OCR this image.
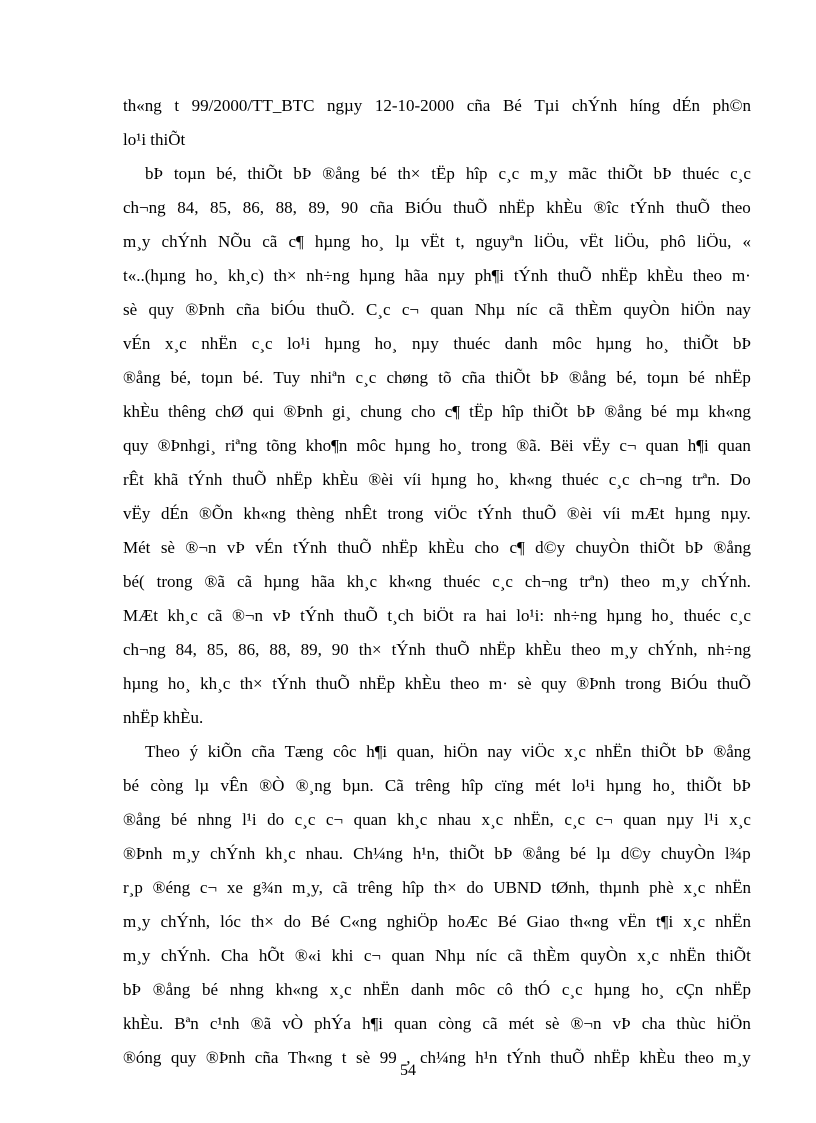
th«ng t 99/2000/TT_BTC ngµy 12-10-2000 cña Bé Tµi chÝnh híng dÉn ph©n
lo¹i thiÕt
bÞ toµn bé, thiÕt bÞ ®ång bé th× tËp hîp c¸c m¸y mãc thiÕt bÞ thuéc c¸c
ch¬ng 84, 85, 86, 88, 89, 90 cña BiÓu thuÕ nhËp khÈu ®îc tÝnh thuÕ theo
m¸y chÝnh NÕu cã c¶ hµng ho¸ lµ vËt t, nguyªn liÖu, vËt liÖu, phô liÖu, «
t«..(hµng ho¸ kh¸c) th× nh÷ng hµng hãa nµy ph¶i tÝnh thuÕ nhËp khÈu theo m·
sè quy ®Þnh cña biÓu thuÕ. C¸c c¬ quan Nhµ níc cã thÈm quyÒn hiÖn nay
vÉn x¸c nhËn c¸c lo¹i hµng ho¸ nµy thuéc danh môc hµng ho¸ thiÕt bÞ
®ång bé, toµn bé. Tuy nhiªn c¸c chøng tõ cña thiÕt bÞ ®ång bé, toµn bé nhËp
khÈu thêng chØ qui ®Þnh gi¸ chung cho c¶ tËp hîp thiÕt bÞ ®ång bé mµ kh«ng
quy ®Þnhgi¸ riªng tõng kho¶n môc hµng ho¸ trong ®ã. Bëi vËy c¬ quan h¶i quan
rÊt khã tÝnh thuÕ nhËp khÈu ®èi víi hµng ho¸ kh«ng thuéc c¸c ch¬ng trªn. Do
vËy dÉn ®Õn kh«ng thèng nhÊt trong viÖc tÝnh thuÕ ®èi víi mÆt hµng nµy.
Mét sè ®¬n vÞ vÉn tÝnh thuÕ nhËp khÈu cho c¶ d©y chuyÒn thiÕt bÞ ®ång
bé( trong ®ã cã hµng hãa kh¸c kh«ng thuéc c¸c ch¬ng trªn) theo m¸y chÝnh.
MÆt kh¸c cã ®¬n vÞ tÝnh thuÕ t¸ch biÖt ra hai lo¹i: nh÷ng hµng ho¸ thuéc c¸c
ch¬ng 84, 85, 86, 88, 89, 90 th× tÝnh thuÕ nhËp khÈu theo m¸y chÝnh, nh÷ng
hµng ho¸ kh¸c th× tÝnh thuÕ nhËp khÈu theo m· sè quy ®Þnh trong BiÓu thuÕ
nhËp khÈu.
Theo ý kiÕn cña Tæng côc h¶i quan, hiÖn nay viÖc x¸c nhËn thiÕt bÞ ®ång
bé còng lµ vÊn ®Ò ®¸ng bµn. Cã trêng hîp cïng mét lo¹i hµng ho¸ thiÕt bÞ
®ång bé nhng l¹i do c¸c c¬ quan kh¸c nhau x¸c nhËn, c¸c c¬ quan nµy l¹i x¸c
®Þnh m¸y chÝnh kh¸c nhau. Ch¼ng h¹n, thiÕt bÞ ®ång bé lµ d©y chuyÒn l¾p
r¸p ®éng c¬ xe g¾n m¸y, cã trêng hîp th× do UBND tØnh, thµnh phè x¸c nhËn
m¸y chÝnh, lóc th× do Bé C«ng nghiÖp hoÆc Bé Giao th«ng vËn t¶i x¸c nhËn
m¸y chÝnh. Cha hÕt ®«i khi c¬ quan Nhµ níc cã thÈm quyÒn x¸c nhËn thiÕt
bÞ ®ång bé nhng kh«ng x¸c nhËn danh môc cô thÓ c¸c hµng ho¸ cÇn nhËp
khÈu. Bªn c¹nh ®ã vÒ phÝa h¶i quan còng cã mét sè ®¬n vÞ cha thùc hiÖn
®óng quy ®Þnh cña Th«ng t sè 99 , ch¼ng h¹n tÝnh thuÕ nhËp khÈu theo m¸y
54
